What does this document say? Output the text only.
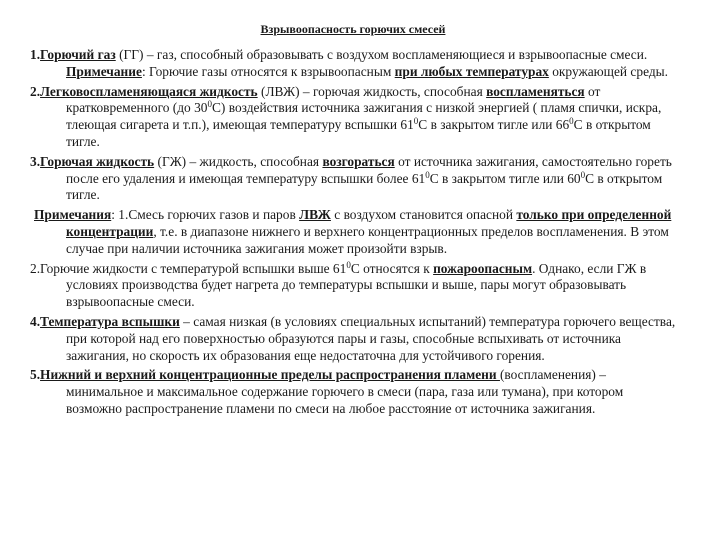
Взрывоопасность горючих смесей

1.Горючий газ (ГГ) – газ, способный образовывать с воздухом воспламеняющиеся и взрывоопасные смеси. Примечание: Горючие газы относятся к взрывоопасным при любых температурах окружающей среды.

2.Легковоспламеняющаяся жидкость (ЛВЖ) – горючая жидкость, способная воспламеняться от кратковременного (до $30^0С$) воздействия источника зажигания с низкой энергией ( пламя спички, искра, тлеющая сигарета и т.п.), имеющая температуру вспышки $61^0С$ в закрытом тигле или $66^0С$ в открытом тигле.

3.Горючая жидкость (ГЖ) – жидкость, способная возгораться от источника зажигания, самостоятельно гореть после его удаления и имеющая температуру вспышки более $61^0С$ в закрытом тигле или $60^0С$ в открытом тигле.

Примечания: 1.Смесь горючих газов и паров ЛВЖ с воздухом становится опасной только при определенной концентрации, т.е. в диапазоне нижнего и верхнего концентрационных пределов воспламенения. В этом случае при наличии источника зажигания может произойти взрыв.

2.Горючие жидкости с температурой вспышки выше $61^0С$ относятся к пожароопасным. Однако, если ГЖ в условиях производства будет нагрета до температуры вспышки и выше, пары могут образовывать взрывоопасные смеси.

4.Температура вспышки – самая низкая (в условиях специальных испытаний) температура горючего вещества, при которой над его поверхностью образуются пары и газы, способные вспыхивать от источника зажигания, но скорость их образования еще недостаточна для устойчивого горения.

5.Нижний и верхний концентрационные пределы распространения пламени (воспламенения) – минимальное и максимальное содержание горючего в смеси (пара, газа или тумана), при котором возможно распространение пламени по смеси на любое расстояние от источника зажигания.
